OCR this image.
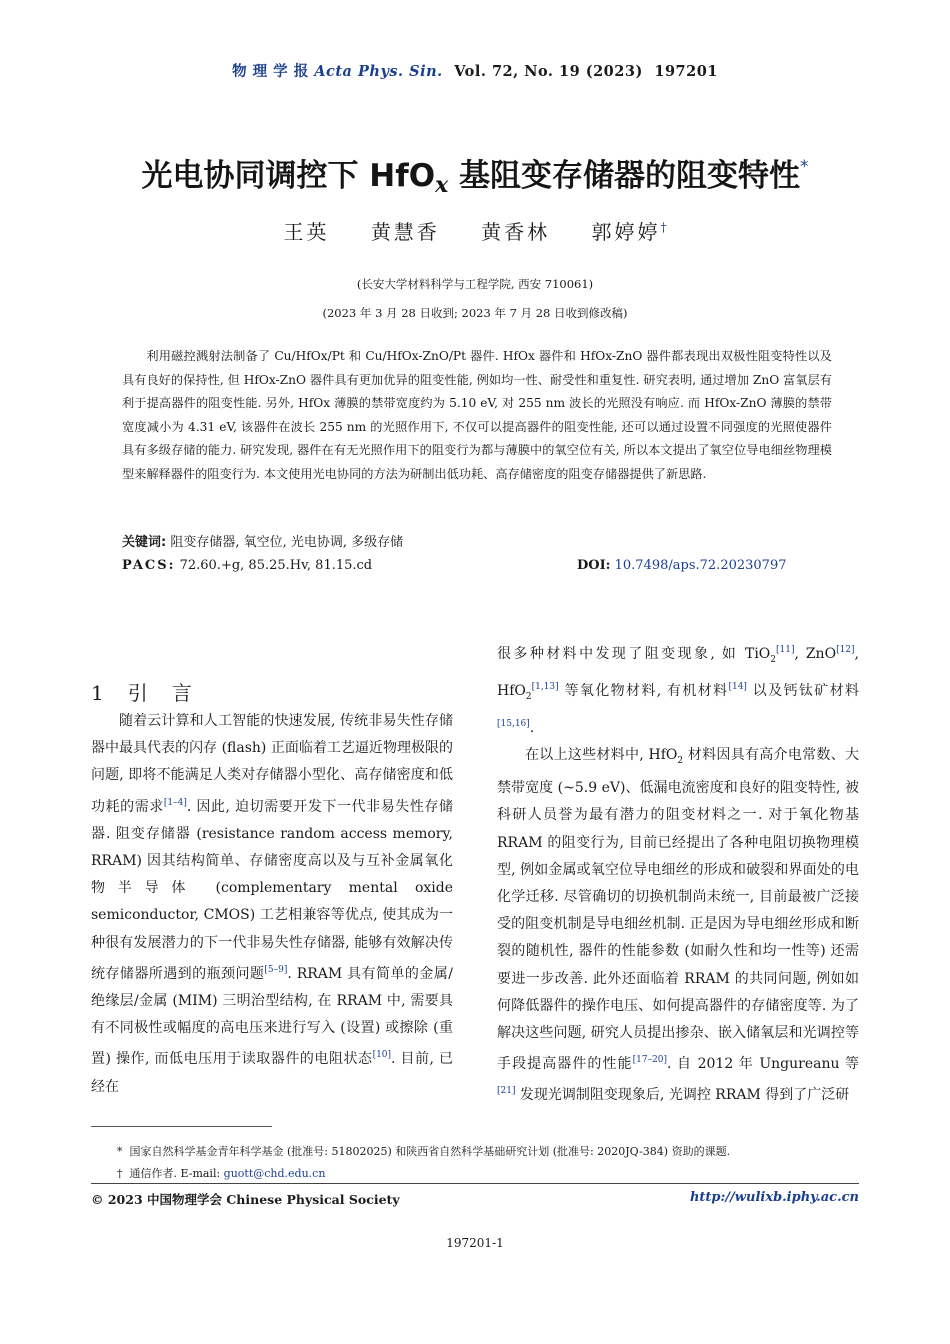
物 理 学 报 Acta Phys. Sin. Vol. 72, No. 19 (2023) 197201
光电协同调控下 HfO$_x$ 基阻变存储器的阻变特性*
王英 黄慧香 黄香林 郭婷婷†
(长安大学材料科学与工程学院, 西安 710061)
(2023 年 3 月 28 日收到; 2023 年 7 月 28 日收到修改稿)
利用磁控溅射法制备了 Cu/HfOx/Pt 和 Cu/HfOx-ZnO/Pt 器件. HfOx 器件和 HfOx-ZnO 器件都表现出双极性阻变特性以及具有良好的保持性, 但 HfOx-ZnO 器件具有更加优异的阻变性能, 例如均一性、耐受性和重复性. 研究表明, 通过增加 ZnO 富氧层有利于提高器件的阻变性能. 另外, HfOx 薄膜的禁带宽度约为 5.10 eV, 对 255 nm 波长的光照没有响应. 而 HfOx-ZnO 薄膜的禁带宽度减小为 4.31 eV, 该器件在波长 255 nm 的光照作用下, 不仅可以提高器件的阻变性能, 还可以通过设置不同强度的光照使器件具有多级存储的能力. 研究发现, 器件在有无光照作用下的阻变行为都与薄膜中的氧空位有关, 所以本文提出了氧空位导电细丝物理模型来解释器件的阻变行为. 本文使用光电协同的方法为研制出低功耗、高存储密度的阻变存储器提供了新思路.
关键词: 阻变存储器, 氧空位, 光电协调, 多级存储
PACS: 72.60.+g, 85.25.Hv, 81.15.cd	DOI: 10.7498/aps.72.20230797
1引言

随着云计算和人工智能的快速发展, 传统非易失性存储器中最具代表的闪存 (flash) 正面临着工艺逼近物理极限的问题, 即将不能满足人类对存储器小型化、高存储密度和低功耗的需求[1–4]. 因此, 迫切需要开发下一代非易失性存储器. 阻变存储器 (resistance random access memory, RRAM) 因其结构简单、存储密度高以及与互补金属氧化物半导体 (complementary mental oxide semiconductor, CMOS) 工艺相兼容等优点, 使其成为一种很有发展潜力的下一代非易失性存储器, 能够有效解决传统存储器所遇到的瓶颈问题[5–9]. RRAM 具有简单的金属/绝缘层/金属 (MIM) 三明治型结构, 在 RRAM 中, 需要具有不同极性或幅度的高电压来进行写入 (设置) 或擦除 (重置) 操作, 而低电压用于读取器件的电阻状态[10]. 目前, 已经在

很多种材料中发现了阻变现象, 如 TiO$_2$[11], ZnO[12], HfO$_2$[1,13] 等氧化物材料, 有机材料[14] 以及钙钛矿材料[15,16].

在以上这些材料中, HfO$_2$ 材料因具有高介电常数、大禁带宽度 (~5.9 eV)、低漏电流密度和良好的阻变特性, 被科研人员誉为最有潜力的阻变材料之一. 对于氧化物基 RRAM 的阻变行为, 目前已经提出了各种电阻切换物理模型, 例如金属或氧空位导电细丝的形成和破裂和界面处的电化学迁移. 尽管确切的切换机制尚未统一, 目前最被广泛接受的阻变机制是导电细丝机制. 正是因为导电细丝形成和断裂的随机性, 器件的性能参数 (如耐久性和均一性等) 还需要进一步改善. 此外还面临着 RRAM 的共同问题, 例如如何降低器件的操作电压、如何提高器件的存储密度等. 为了解决这些问题, 研究人员提出掺杂、嵌入储氧层和光调控等手段提高器件的性能[17–20]. 自 2012 年 Ungureanu 等[21] 发现光调制阻变现象后, 光调控 RRAM 得到了广泛研

* 国家自然科学基金青年科学基金 (批准号: 51802025) 和陕西省自然科学基础研究计划 (批准号: 2020JQ-384) 资助的课题.
† 通信作者. E-mail: guott@chd.edu.cn
© 2023 中国物理学会 Chinese Physical Society	http://wulixb.iphy.ac.cn
197201-1
